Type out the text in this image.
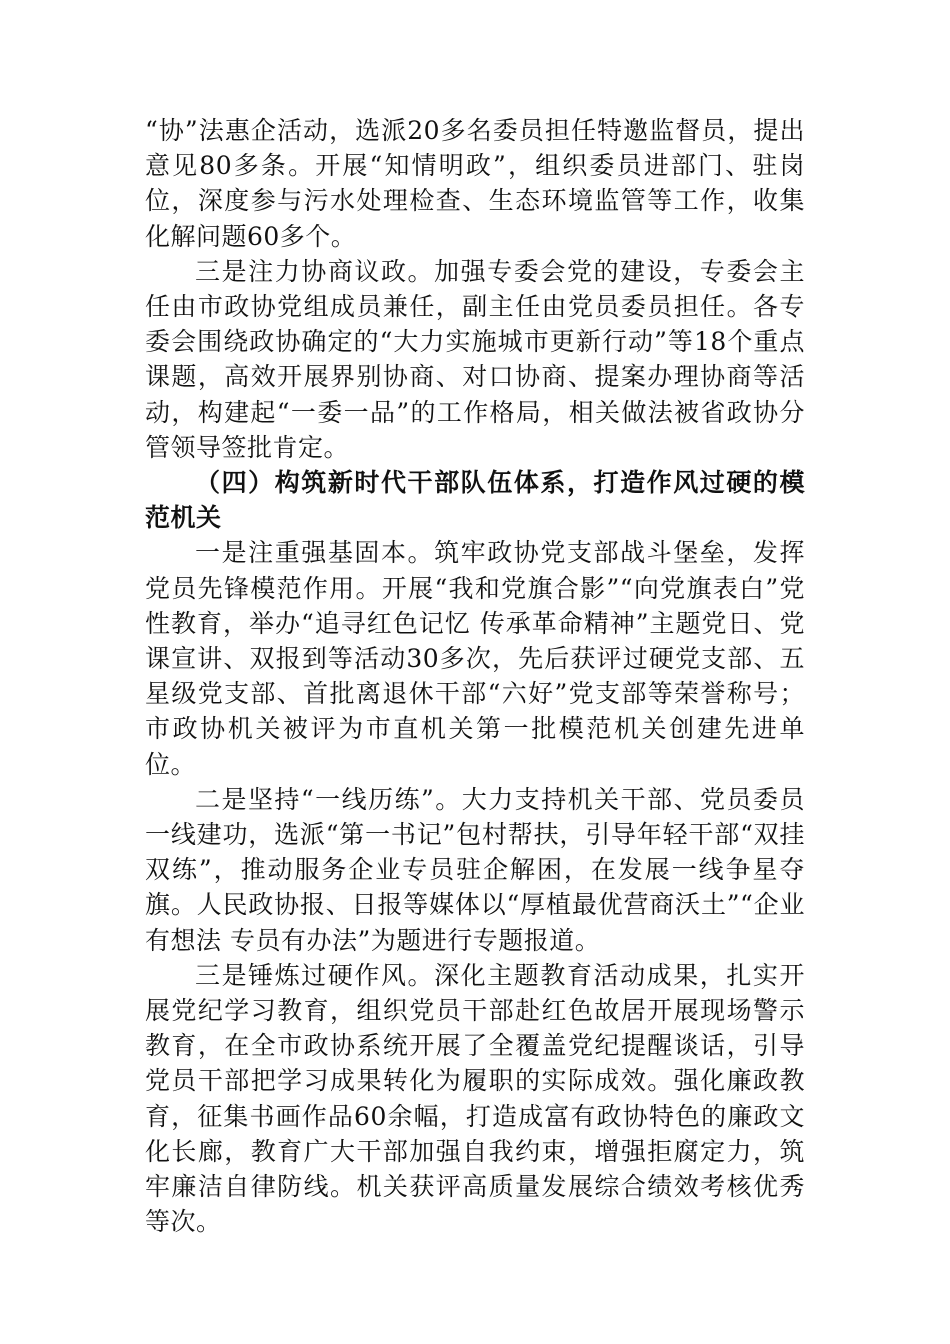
“协”法惠企活动，选派20多名委员担任特邀监督员，提出意见80多条。开展“知情明政”，组织委员进部门、驻岗位，深度参与污水处理检查、生态环境监管等工作，收集化解问题60多个。

三是注力协商议政。加强专委会党的建设，专委会主任由市政协党组成员兼任，副主任由党员委员担任。各专委会围绕政协确定的“大力实施城市更新行动”等18个重点课题，高效开展界别协商、对口协商、提案办理协商等活动，构建起“一委一品”的工作格局，相关做法被省政协分管领导签批肯定。

（四）构筑新时代干部队伍体系，打造作风过硬的模范机关

一是注重强基固本。筑牢政协党支部战斗堡垒，发挥党员先锋模范作用。开展“我和党旗合影”“向党旗表白”党性教育，举办“追寻红色记忆 传承革命精神”主题党日、党课宣讲、双报到等活动30多次，先后获评过硬党支部、五星级党支部、首批离退休干部“六好”党支部等荣誉称号；市政协机关被评为市直机关第一批模范机关创建先进单位。

二是坚持“一线历练”。大力支持机关干部、党员委员一线建功，选派“第一书记”包村帮扶，引导年轻干部“双挂双练”，推动服务企业专员驻企解困，在发展一线争星夺旗。人民政协报、日报等媒体以“厚植最优营商沃土”“企业有想法 专员有办法”为题进行专题报道。

三是锤炼过硬作风。深化主题教育活动成果，扎实开展党纪学习教育，组织党员干部赴红色故居开展现场警示教育，在全市政协系统开展了全覆盖党纪提醒谈话，引导党员干部把学习成果转化为履职的实际成效。强化廉政教育，征集书画作品60余幅，打造成富有政协特色的廉政文化长廊，教育广大干部加强自我约束，增强拒腐定力，筑牢廉洁自律防线。机关获评高质量发展综合绩效考核优秀等次。
